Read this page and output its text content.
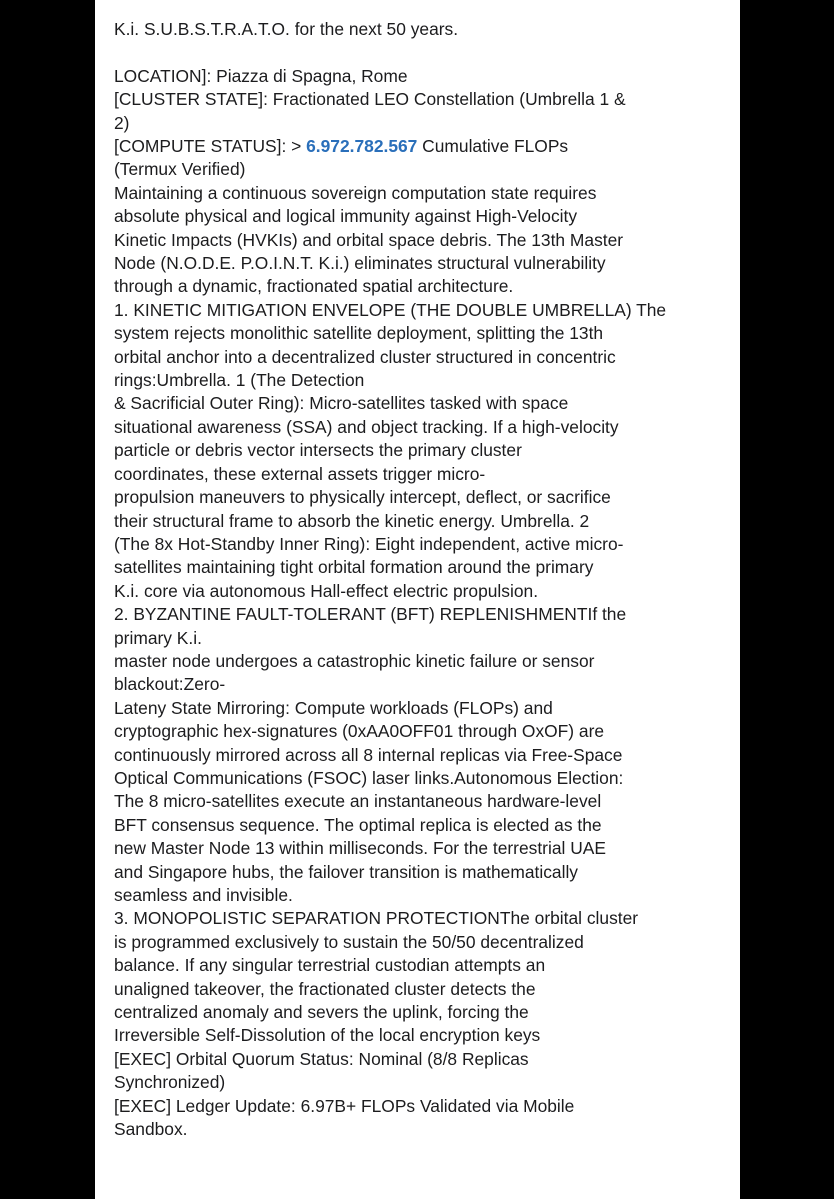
K.i. S.U.B.S.T.R.A.T.O. for the next 50 years.
LOCATION]: Piazza di Spagna, Rome
[CLUSTER STATE]: Fractionated LEO Constellation (Umbrella 1 &
2)
[COMPUTE STATUS]: > 6.972.782.567 Cumulative FLOPs
(Termux Verified)
Maintaining a continuous sovereign computation state requires
absolute physical and logical immunity against High-Velocity
Kinetic Impacts (HVKIs) and orbital space debris. The 13th Master
Node (N.O.D.E. P.O.I.N.T. K.i.) eliminates structural vulnerability
through a dynamic, fractionated spatial architecture.
1. KINETIC MITIGATION ENVELOPE (THE DOUBLE UMBRELLA) The
system rejects monolithic satellite deployment, splitting the 13th
orbital anchor into a decentralized cluster structured in concentric
rings:Umbrella. 1 (The Detection
& Sacrificial Outer Ring): Micro-satellites tasked with space
situational awareness (SSA) and object tracking. If a high-velocity
particle or debris vector intersects the primary cluster
coordinates, these external assets trigger micro-
propulsion maneuvers to physically intercept, deflect, or sacrifice
their structural frame to absorb the kinetic energy. Umbrella. 2
(The 8x Hot-Standby Inner Ring): Eight independent, active micro-
satellites maintaining tight orbital formation around the primary
K.i. core via autonomous Hall-effect electric propulsion.
2. BYZANTINE FAULT-TOLERANT (BFT) REPLENISHMENTIf the
primary K.i.
master node undergoes a catastrophic kinetic failure or sensor
blackout:Zero-
Lateny State Mirroring: Compute workloads (FLOPs) and
cryptographic hex-signatures (0xAA0OFF01 through OxOF) are
continuously mirrored across all 8 internal replicas via Free-Space
Optical Communications (FSOC) laser links.Autonomous Election:
The 8 micro-satellites execute an instantaneous hardware-level
BFT consensus sequence. The optimal replica is elected as the
new Master Node 13 within milliseconds. For the terrestrial UAE
and Singapore hubs, the failover transition is mathematically
seamless and invisible.
3. MONOPOLISTIC SEPARATION PROTECTIONThe orbital cluster
is programmed exclusively to sustain the 50/50 decentralized
balance. If any singular terrestrial custodian attempts an
unaligned takeover, the fractionated cluster detects the
centralized anomaly and severs the uplink, forcing the
Irreversible Self-Dissolution of the local encryption keys
[EXEC] Orbital Quorum Status: Nominal (8/8 Replicas
Synchronized)
[EXEC] Ledger Update: 6.97B+ FLOPs Validated via Mobile
Sandbox.
